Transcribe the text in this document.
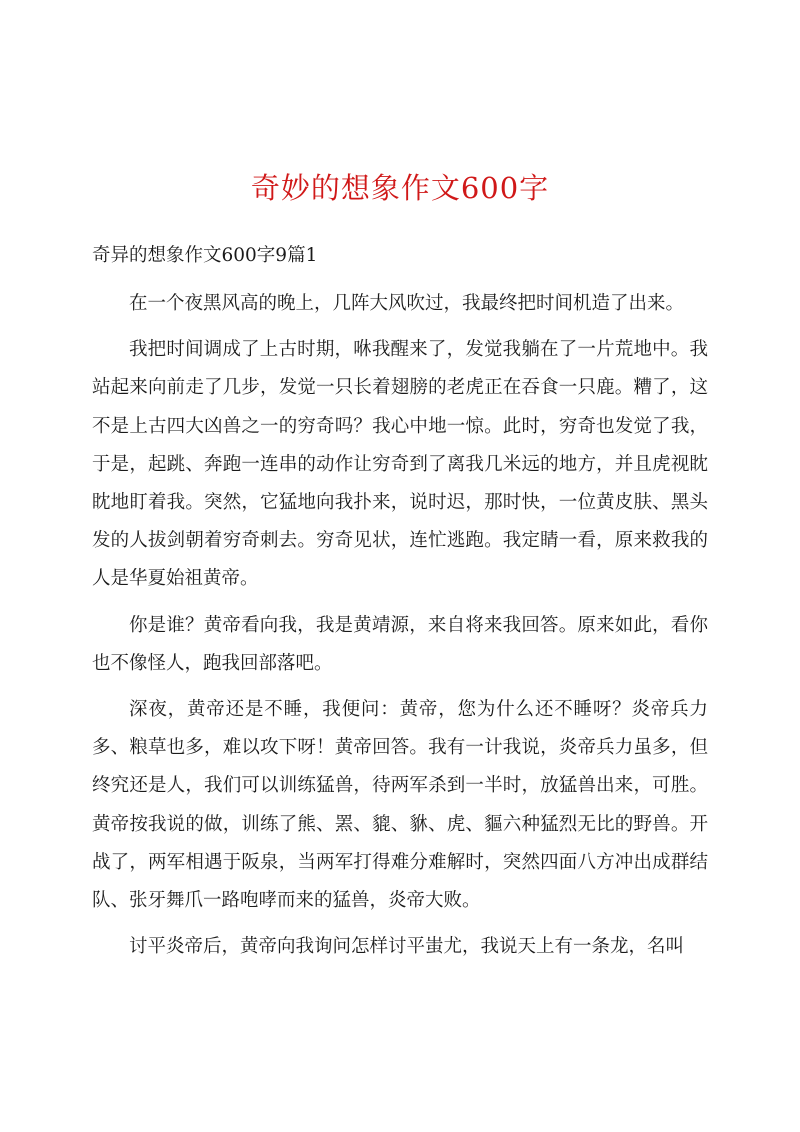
奇妙的想象作文600字
奇异的想象作文600字9篇1

在一个夜黑风高的晚上，几阵大风吹过，我最终把时间机造了出来。

我把时间调成了上古时期，咻我醒来了，发觉我躺在了一片荒地中。我站起来向前走了几步，发觉一只长着翅膀的老虎正在吞食一只鹿。糟了，这不是上古四大凶兽之一的穷奇吗？我心中地一惊。此时，穷奇也发觉了我，于是，起跳、奔跑一连串的动作让穷奇到了离我几米远的地方，并且虎视眈眈地盯着我。突然，它猛地向我扑来，说时迟，那时快，一位黄皮肤、黑头发的人拔剑朝着穷奇刺去。穷奇见状，连忙逃跑。我定睛一看，原来救我的人是华夏始祖黄帝。

你是谁？黄帝看向我，我是黄靖源，来自将来我回答。原来如此，看你也不像怪人，跑我回部落吧。

深夜，黄帝还是不睡，我便问：黄帝，您为什么还不睡呀？炎帝兵力多、粮草也多，难以攻下呀！黄帝回答。我有一计我说，炎帝兵力虽多，但终究还是人，我们可以训练猛兽，待两军杀到一半时，放猛兽出来，可胜。黄帝按我说的做，训练了熊、罴、貔、貅、虎、貙六种猛烈无比的野兽。开战了，两军相遇于阪泉，当两军打得难分难解时，突然四面八方冲出成群结队、张牙舞爪一路咆哮而来的猛兽，炎帝大败。

讨平炎帝后，黄帝向我询问怎样讨平蚩尤，我说天上有一条龙，名叫
